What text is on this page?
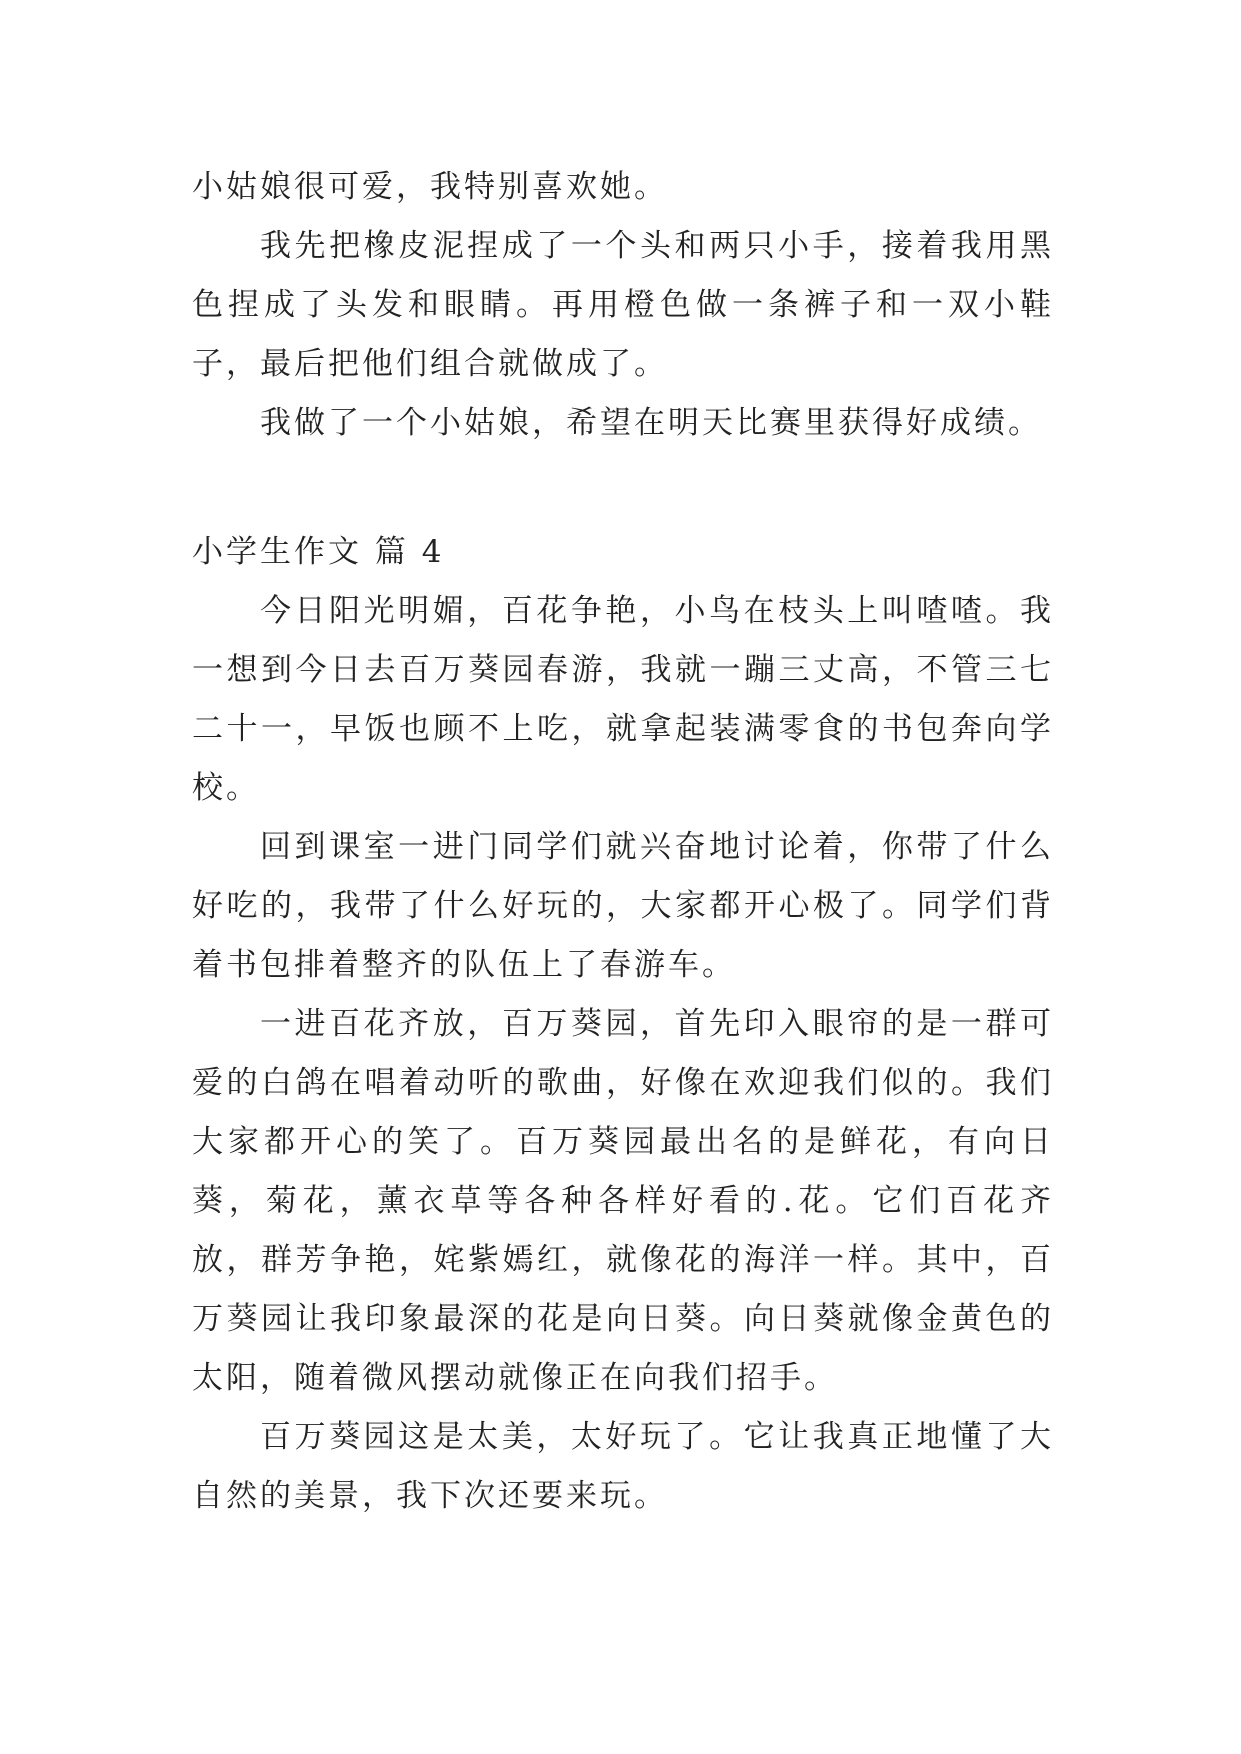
小姑娘很可爱，我特别喜欢她。

我先把橡皮泥捏成了一个头和两只小手，接着我用黑色捏成了头发和眼睛。再用橙色做一条裤子和一双小鞋子，最后把他们组合就做成了。

我做了一个小姑娘，希望在明天比赛里获得好成绩。

小学生作文 篇 4

今日阳光明媚，百花争艳，小鸟在枝头上叫喳喳。我一想到今日去百万葵园春游，我就一蹦三丈高，不管三七二十一，早饭也顾不上吃，就拿起装满零食的书包奔向学校。

回到课室一进门同学们就兴奋地讨论着，你带了什么好吃的，我带了什么好玩的，大家都开心极了。同学们背着书包排着整齐的队伍上了春游车。

一进百花齐放，百万葵园，首先印入眼帘的是一群可爱的白鸽在唱着动听的歌曲，好像在欢迎我们似的。我们大家都开心的笑了。百万葵园最出名的是鲜花，有向日葵，菊花，薰衣草等各种各样好看的.花。它们百花齐放，群芳争艳，姹紫嫣红，就像花的海洋一样。其中，百万葵园让我印象最深的花是向日葵。向日葵就像金黄色的太阳，随着微风摆动就像正在向我们招手。

百万葵园这是太美，太好玩了。它让我真正地懂了大自然的美景，我下次还要来玩。
